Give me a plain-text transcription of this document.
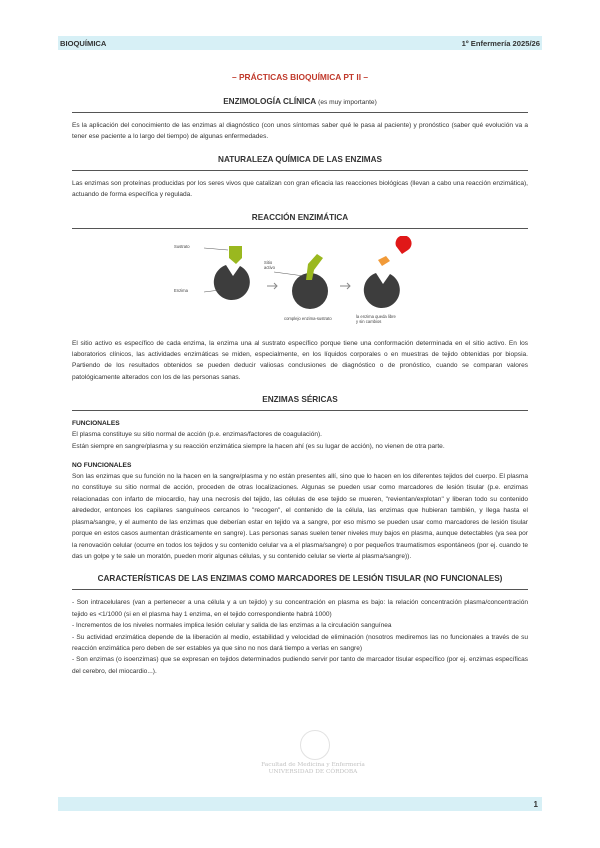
BIOQUÍMICA	1º Enfermería 2025/26
Facultad de Medicina y Enfermería
UNIVERSIDAD DE CÓRDOBA
– PRÁCTICAS BIOQUÍMICA PT II –
ENZIMOLOGÍA CLÍNICA (es muy importante)

Es la aplicación del conocimiento de las enzimas al diagnóstico (con unos síntomas saber qué le pasa al paciente) y pronóstico (saber qué evolución va a tener ese paciente a lo largo del tiempo) de algunas enfermedades.

NATURALEZA QUÍMICA DE LAS ENZIMAS

Las enzimas son proteínas producidas por los seres vivos que catalizan con gran eficacia las reacciones biológicas (llevan a cabo una reacción enzimática), actuando de forma específica y regulada.

REACCIÓN ENZIMÁTICA
Sustrato
Enzima
Sitio
activo
complejo enzima-sustrato	la enzima queda libre
y sin cambios

El sitio activo es específico de cada enzima, la enzima una al sustrato específico porque tiene una conformación determinada en el sitio activo. En los laboratorios clínicos, las actividades enzimáticas se miden, especialmente, en los líquidos corporales o en muestras de tejido obtenidas por biopsia. Partiendo de los resultados obtenidos se pueden deducir valiosas conclusiones de diagnóstico o de pronóstico, cuando se comparan valores patológicamente alterados con los de las personas sanas.

ENZIMAS SÉRICAS
FUNCIONALES

El plasma constituye su sitio normal de acción (p.e. enzimas/factores de coagulación).

Están siempre en sangre/plasma y su reacción enzimática siempre la hacen ahí (es su lugar de acción), no vienen de otra parte.

NO FUNCIONALES

Son las enzimas que su función no la hacen en la sangre/plasma y no están presentes allí, sino que lo hacen en los diferentes tejidos del cuerpo. El plasma no constituye su sitio normal de acción, proceden de otras localizaciones. Algunas se pueden usar como marcadores de lesión tisular (p.e. enzimas relacionadas con infarto de miocardio, hay una necrosis del tejido, las células de ese tejido se mueren, "revientan/explotan" y liberan todo su contenido alrededor, entonces los capilares sanguíneos cercanos lo "recogen", el contenido de la célula, las enzimas que hubieran también, y llega hasta el plasma/sangre, y el aumento de las enzimas que deberían estar en tejido va a sangre, por eso mismo se pueden usar como marcadores de lesión tisular porque en estos casos aumentan drásticamente en sangre). Las personas sanas suelen tener niveles muy bajos en plasma, aunque detectables (ya sea por la renovación celular (ocurre en todos los tejidos y su contenido celular va a el plasma/sangre) o por pequeños traumatismos espontáneos (por ej. cuando te das un golpe y te sale un moratón, pueden morir algunas células, y su contenido celular se vierte al plasma/sangre)).

CARACTERÍSTICAS DE LAS ENZIMAS COMO MARCADORES DE LESIÓN TISULAR (NO FUNCIONALES)

- Son intracelulares (van a pertenecer a una célula y a un tejido) y su concentración en plasma es bajo: la relación concentración plasma/concentración tejido es <1/1000 (si en el plasma hay 1 enzima, en el tejido correspondiente habrá 1000)

- Incrementos de los niveles normales implica lesión celular y salida de las enzimas a la circulación sanguínea

- Su actividad enzimática depende de la liberación al medio, estabilidad y velocidad de eliminación (nosotros mediremos las no funcionales a través de su reacción enzimática pero deben de ser estables ya que sino no nos dará tiempo a verlas en sangre)

- Son enzimas (o isoenzimas) que se expresan en tejidos determinados pudiendo servir por tanto de marcador tisular específico (por ej. enzimas específicas del cerebro, del miocardio...).

1
